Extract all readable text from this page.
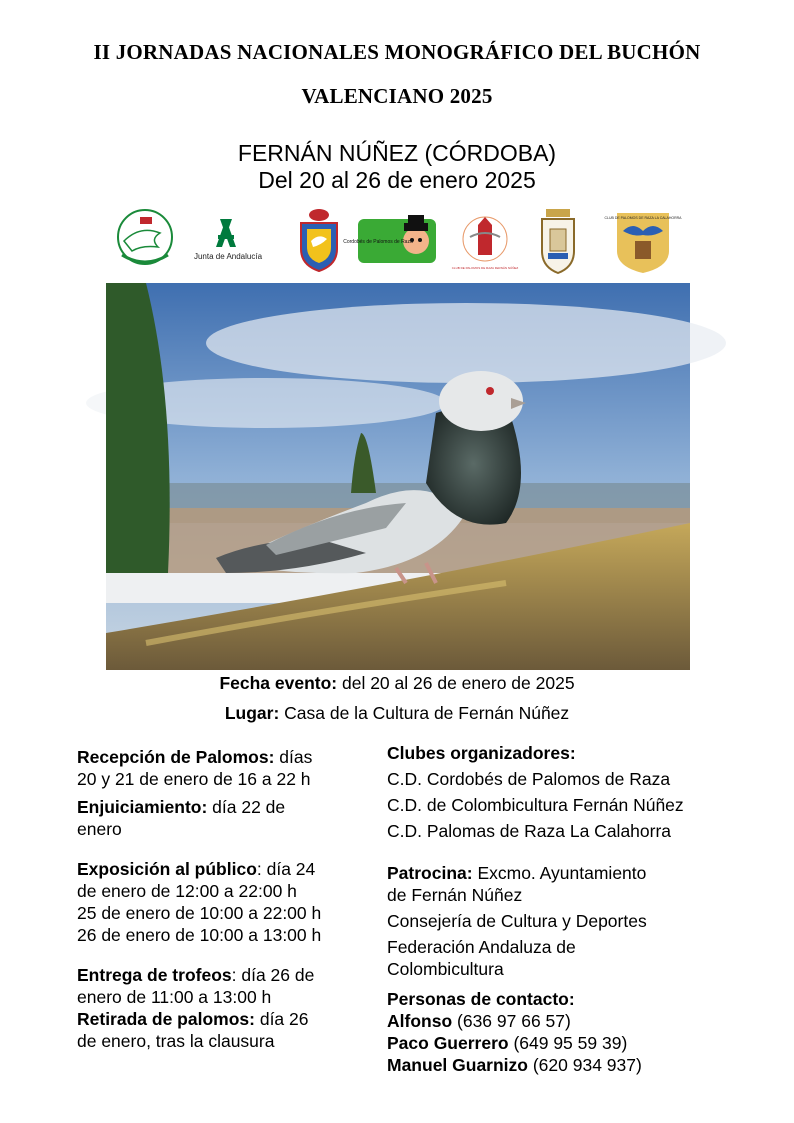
II JORNADAS NACIONALES MONOGRÁFICO DEL BUCHÓN
VALENCIANO 2025
FERNÁN NÚÑEZ (CÓRDOBA)
Del 20 al 26 de enero 2025
Junta de Andalucía
Cordobés de Palomos de Raza
CLUB DE PALOMOS DE RAZA FERNÁN NÚÑEZ
CLUB DE PALOMOS DE RAZA LA CALAHORRA
Fecha evento: del 20 al 26 de enero de 2025
Lugar: Casa de la Cultura de Fernán Núñez

Recepción de Palomos: días
20 y 21 de enero de 16 a 22 h

Enjuiciamiento: día 22 de
enero

Exposición al público: día 24
de enero de 12:00 a 22:00 h
25 de enero de 10:00 a 22:00 h
26 de enero de 10:00 a 13:00 h

Entrega de trofeos: día 26 de
enero de 11:00 a 13:00 h

Retirada de palomos: día 26
de enero, tras la clausura

Clubes organizadores:

C.D. Cordobés de Palomos de Raza

C.D. de Colombicultura Fernán Núñez

C.D. Palomas de Raza La Calahorra

Patrocina: Excmo. Ayuntamiento
de Fernán Núñez

Consejería de Cultura y Deportes

Federación Andaluza de
Colombicultura

Personas de contacto:

Alfonso (636 97 66 57)

Paco Guerrero (649 95 59 39)

Manuel Guarnizo (620 934 937)
